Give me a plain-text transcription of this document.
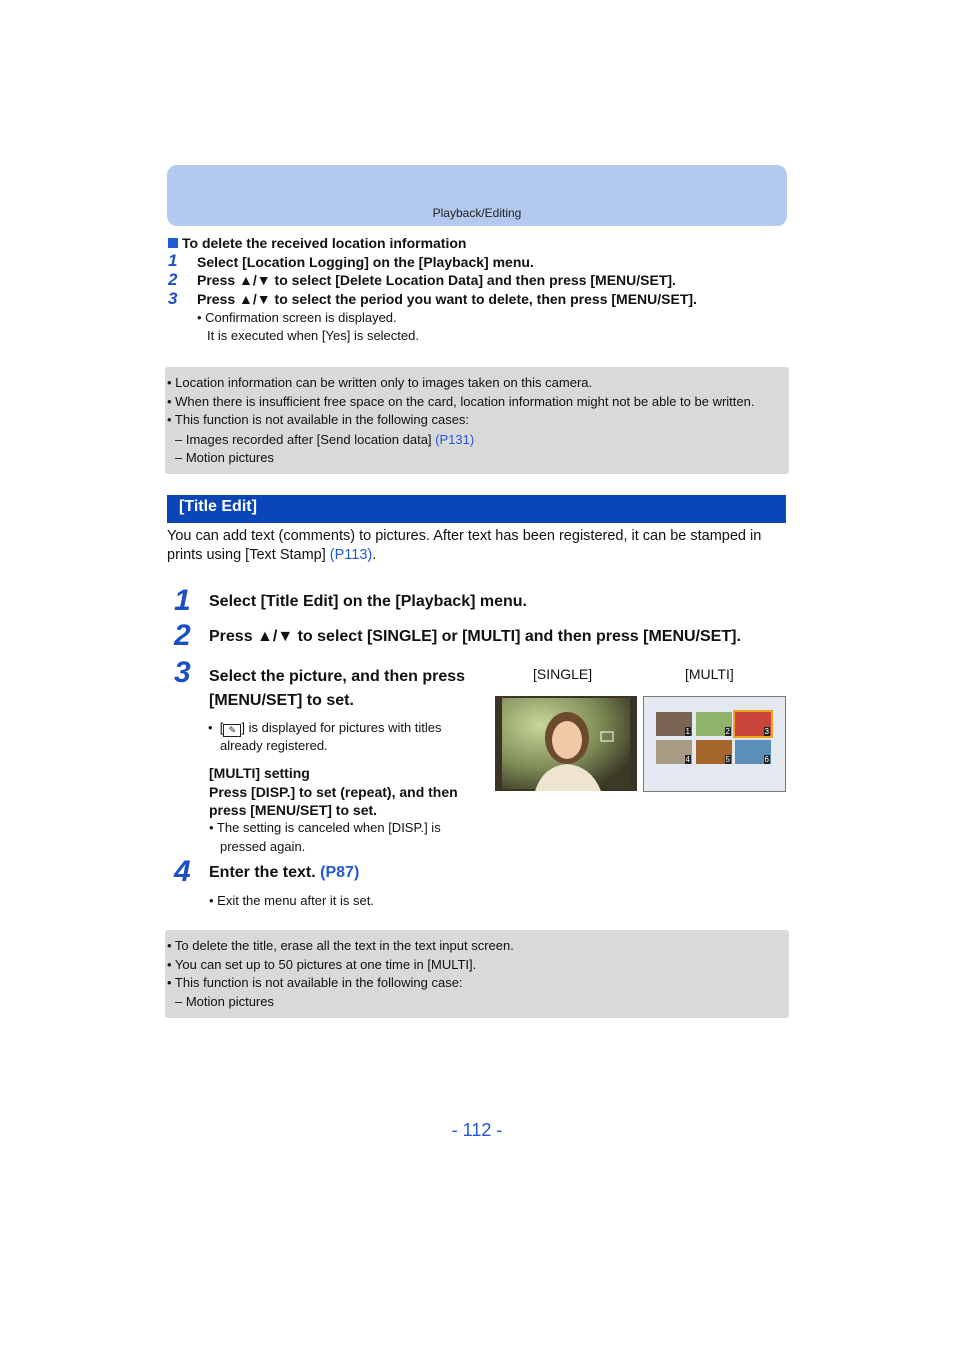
Playback/Editing
To delete the received location information
1 Select [Location Logging] on the [Playback] menu.
2 Press ▲/▼ to select [Delete Location Data] and then press [MENU/SET].
3 Press ▲/▼ to select the period you want to delete, then press [MENU/SET].
• Confirmation screen is displayed.
It is executed when [Yes] is selected.
• Location information can be written only to images taken on this camera.
• When there is insufficient free space on the card, location information might not be able to be written.
• This function is not available in the following cases:
– Images recorded after [Send location data] (P131)
– Motion pictures
[Title Edit]
You can add text (comments) to pictures. After text has been registered, it can be stamped in
prints using [Text Stamp] (P113).
1 Select [Title Edit] on the [Playback] menu.
2 Press ▲/▼ to select [SINGLE] or [MULTI] and then press [MENU/SET].
3 Select the picture, and then press
[MENU/SET] to set.
•  [ ✎ ] is displayed for pictures with titles
already registered.
[MULTI] setting
Press [DISP.] to set (repeat), and then
press [MENU/SET] to set.
• The setting is canceled when [DISP.] is
pressed again.
[SINGLE]	[MULTI]
1	2	3
4	5	6
4 Enter the text. (P87)
• Exit the menu after it is set.
• To delete the title, erase all the text in the text input screen.
• You can set up to 50 pictures at one time in [MULTI].
• This function is not available in the following case:
– Motion pictures
- 112 -
